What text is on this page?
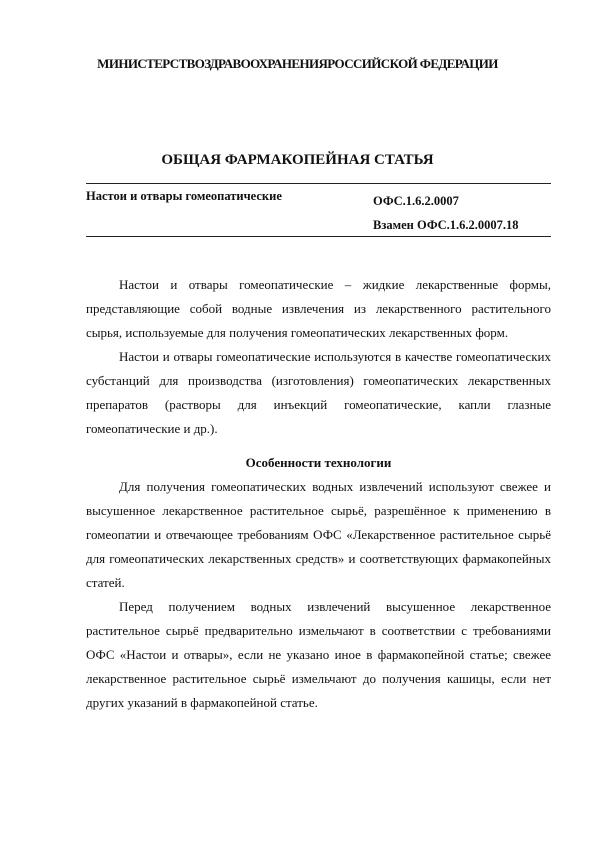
МИНИСТЕРСТВОЗДРАВООХРАНЕНИЯРОССИЙСКОЙ ФЕДЕРАЦИИ
ОБЩАЯ ФАРМАКОПЕЙНАЯ СТАТЬЯ
Настои и отвары гомеопатические	ОФС.1.6.2.0007
Взамен ОФС.1.6.2.0007.18

Настои и отвары гомеопатические – жидкие лекарственные формы, представляющие собой водные извлечения из лекарственного растительного сырья, используемые для получения гомеопатических лекарственных форм.

Настои и отвары гомеопатические используются в качестве гомеопатических субстанций для производства (изготовления) гомеопатических лекарственных препаратов (растворы для инъекций гомеопатические, капли глазные гомеопатические и др.).

Особенности технологии

Для получения гомеопатических водных извлечений используют свежее и высушенное лекарственное растительное сырьё, разрешённое к применению в гомеопатии и отвечающее требованиям ОФС «Лекарственное растительное сырьё для гомеопатических лекарственных средств» и соответствующих фармакопейных статей.

Перед получением водных извлечений высушенное лекарственное растительное сырьё предварительно измельчают в соответствии с требованиями ОФС «Настои и отвары», если не указано иное в фармакопейной статье; свежее лекарственное растительное сырьё измельчают до получения кашицы, если нет других указаний в фармакопейной статье.
